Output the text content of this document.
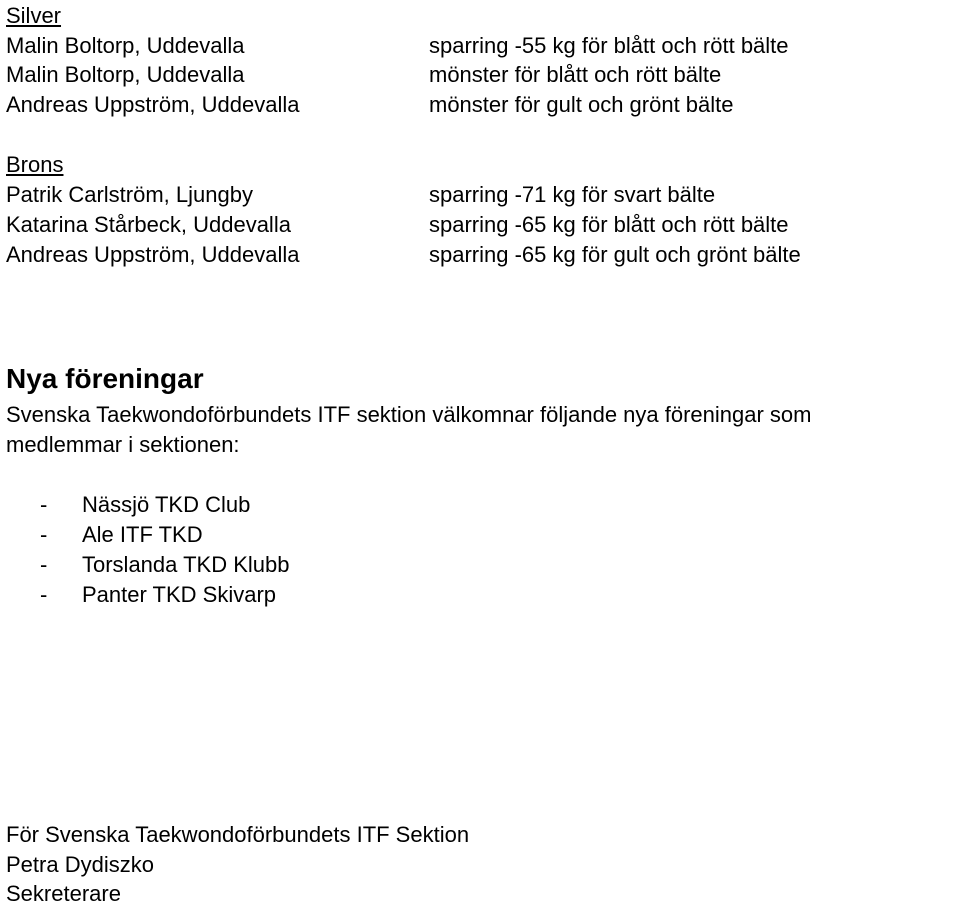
Silver
Malin Boltorp, Uddevalla	sparring -55 kg för blått och rött bälte
Malin Boltorp, Uddevalla	mönster för blått och rött bälte
Andreas Uppström, Uddevalla	mönster för gult och grönt bälte
Brons
Patrik Carlström, Ljungby	sparring -71 kg för svart bälte
Katarina Stårbeck, Uddevalla	sparring -65 kg för blått och rött bälte
Andreas Uppström, Uddevalla	sparring -65 kg för gult och grönt bälte
Nya föreningar
Svenska Taekwondoförbundets ITF sektion välkomnar följande nya föreningar som
medlemmar i sektionen:
- Nässjö TKD Club
- Ale ITF TKD
- Torslanda TKD Klubb
- Panter TKD Skivarp
För Svenska Taekwondoförbundets ITF Sektion
Petra Dydiszko
Sekreterare
